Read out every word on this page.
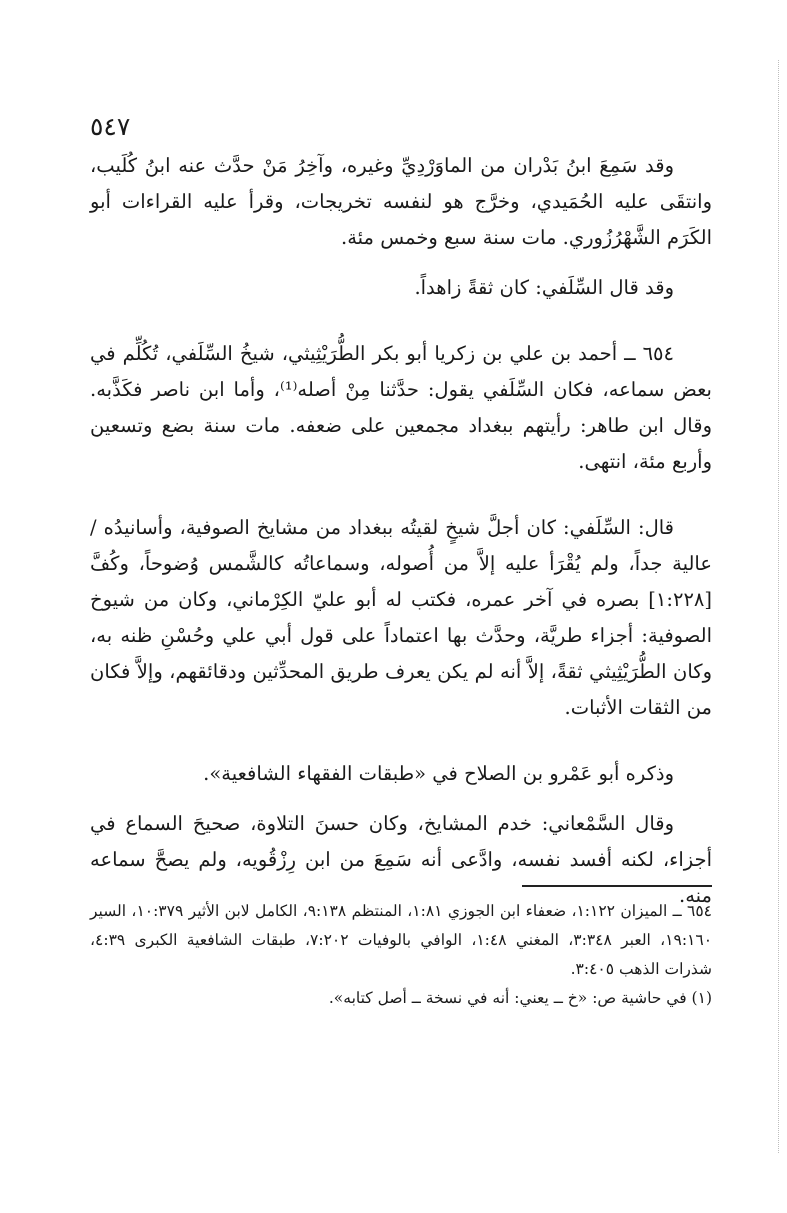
٥٤٧

وقد سَمِعَ ابنُ بَدْران من الماوَرْدِيِّ وغيره، وآخِرُ مَنْ حدَّث عنه ابنُ كُلَيب، وانتقَى عليه الحُمَيدي، وخرَّج هو لنفسه تخريجات، وقرأ عليه القراءات أبو الكَرَم الشَّهْرُزُوري. مات سنة سبع وخمس مئة.

وقد قال السِّلَفي: كان ثقةً زاهداً.

٦٥٤ ــ أحمد بن علي بن زكريا أبو بكر الطُّرَيْثِيثي، شيخُ السِّلَفي، تُكُلِّم في بعض سماعه، فكان السِّلَفي يقول: حدَّثنا مِنْ أصله⁽¹⁾، وأما ابن ناصر فكَذَّبه. وقال ابن طاهر: رأيتهم ببغداد مجمعين على ضعفه. مات سنة بضع وتسعين وأربع مئة، انتهى.

قال: السِّلَفي: كان أجلَّ شيخٍ لقيتُه ببغداد من مشايخ الصوفية، وأسانيدُه / عالية جداً، ولم يُقْرَأ عليه إلاَّ من أُصوله، وسماعاتُه كالشَّمس وُضوحاً، وكُفَّ [١:٢٢٨] بصره في آخر عمره، فكتب له أبو عليّ الكِرْماني، وكان من شيوخ الصوفية: أجزاء طريَّة، وحدَّث بها اعتماداً على قول أبي علي وحُسْنِ ظنه به، وكان الطُّرَيْثِيثي ثقةً، إلاَّ أنه لم يكن يعرف طريق المحدِّثين ودقائقهم، وإلاَّ فكان من الثقات الأثبات.

وذكره أبو عَمْرو بن الصلاح في «طبقات الفقهاء الشافعية».

وقال السَّمْعاني: خدم المشايخ، وكان حسنَ التلاوة، صحيحَ السماع في أجزاء، لكنه أفسد نفسه، وادَّعى أنه سَمِعَ من ابن رِزْقُويه، ولم يصحَّ سماعه منه.

٦٥٤ ــ الميزان ١:١٢٢، ضعفاء ابن الجوزي ١:٨١، المنتظم ٩:١٣٨، الكامل لابن الأثير ١٠:٣٧٩، السير ١٩:١٦٠، العبر ٣:٣٤٨، المغني ١:٤٨، الوافي بالوفيات ٧:٢٠٢، طبقات الشافعية الكبرى ٤:٣٩، شذرات الذهب ٣:٤٠٥.

(١) في حاشية ص: «خ ــ يعني: أنه في نسخة ــ أصل كتابه».
